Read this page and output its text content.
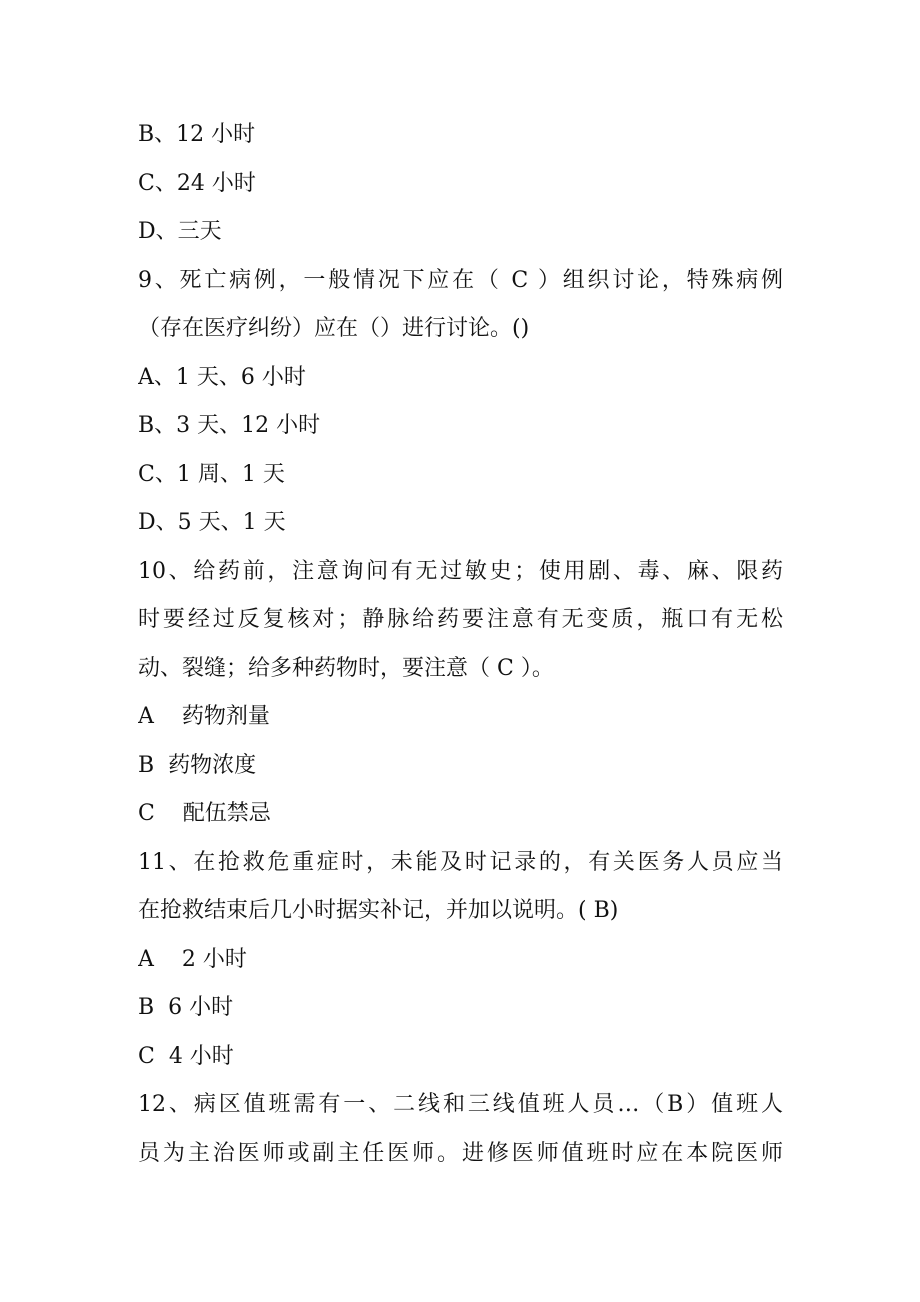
B、12 小时
C、24 小时
D、三天
9、死亡病例，一般情况下应在（ C ）组织讨论，特殊病例
（存在医疗纠纷）应在（）进行讨论。()
A、1 天、6 小时
B、3 天、12 小时
C、1 周、1 天
D、5 天、1 天
10、给药前，注意询问有无过敏史；使用剧、毒、麻、限药
时要经过反复核对；静脉给药要注意有无变质，瓶口有无松
动、裂缝；给多种药物时，要注意（ C ）。
A    药物剂量
B  药物浓度
C    配伍禁忌
11、在抢救危重症时，未能及时记录的，有关医务人员应当
在抢救结束后几小时据实补记，并加以说明。( B)
A    2 小时
B  6 小时
C  4 小时
12、病区值班需有一、二线和三线值班人员…（B）值班人
员为主治医师或副主任医师。进修医师值班时应在本院医师
